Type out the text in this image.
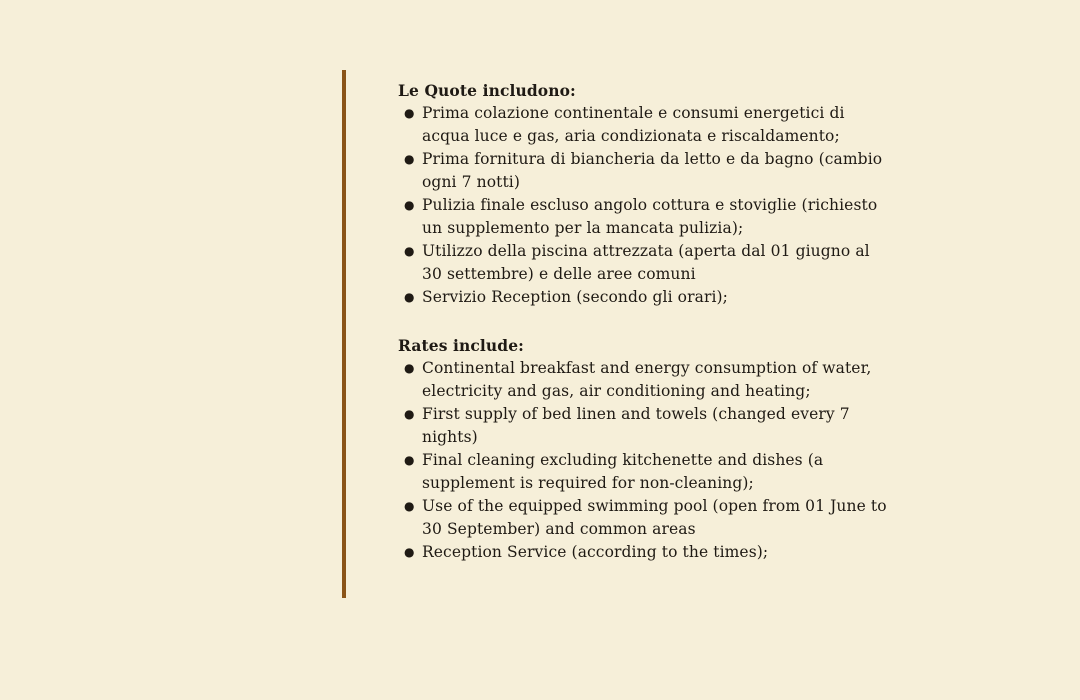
Le Quote includono:

● Prima colazione continentale e consumi energetici di acqua luce e gas, aria condizionata e riscaldamento;
● Prima fornitura di biancheria da letto e da bagno (cambio ogni 7 notti)
● Pulizia finale escluso angolo cottura e stoviglie (richiesto un supplemento per la mancata pulizia);
● Utilizzo della piscina attrezzata (aperta dal 01 giugno al 30 settembre) e delle aree comuni
● Servizio Reception (secondo gli orari);

Rates include:

● Continental breakfast and energy consumption of water, electricity and gas, air conditioning and heating;
● First supply of bed linen and towels (changed every 7 nights)
● Final cleaning excluding kitchenette and dishes (a supplement is required for non-cleaning);
● Use of the equipped swimming pool (open from 01 June to 30 September) and common areas
● Reception Service (according to the times);
